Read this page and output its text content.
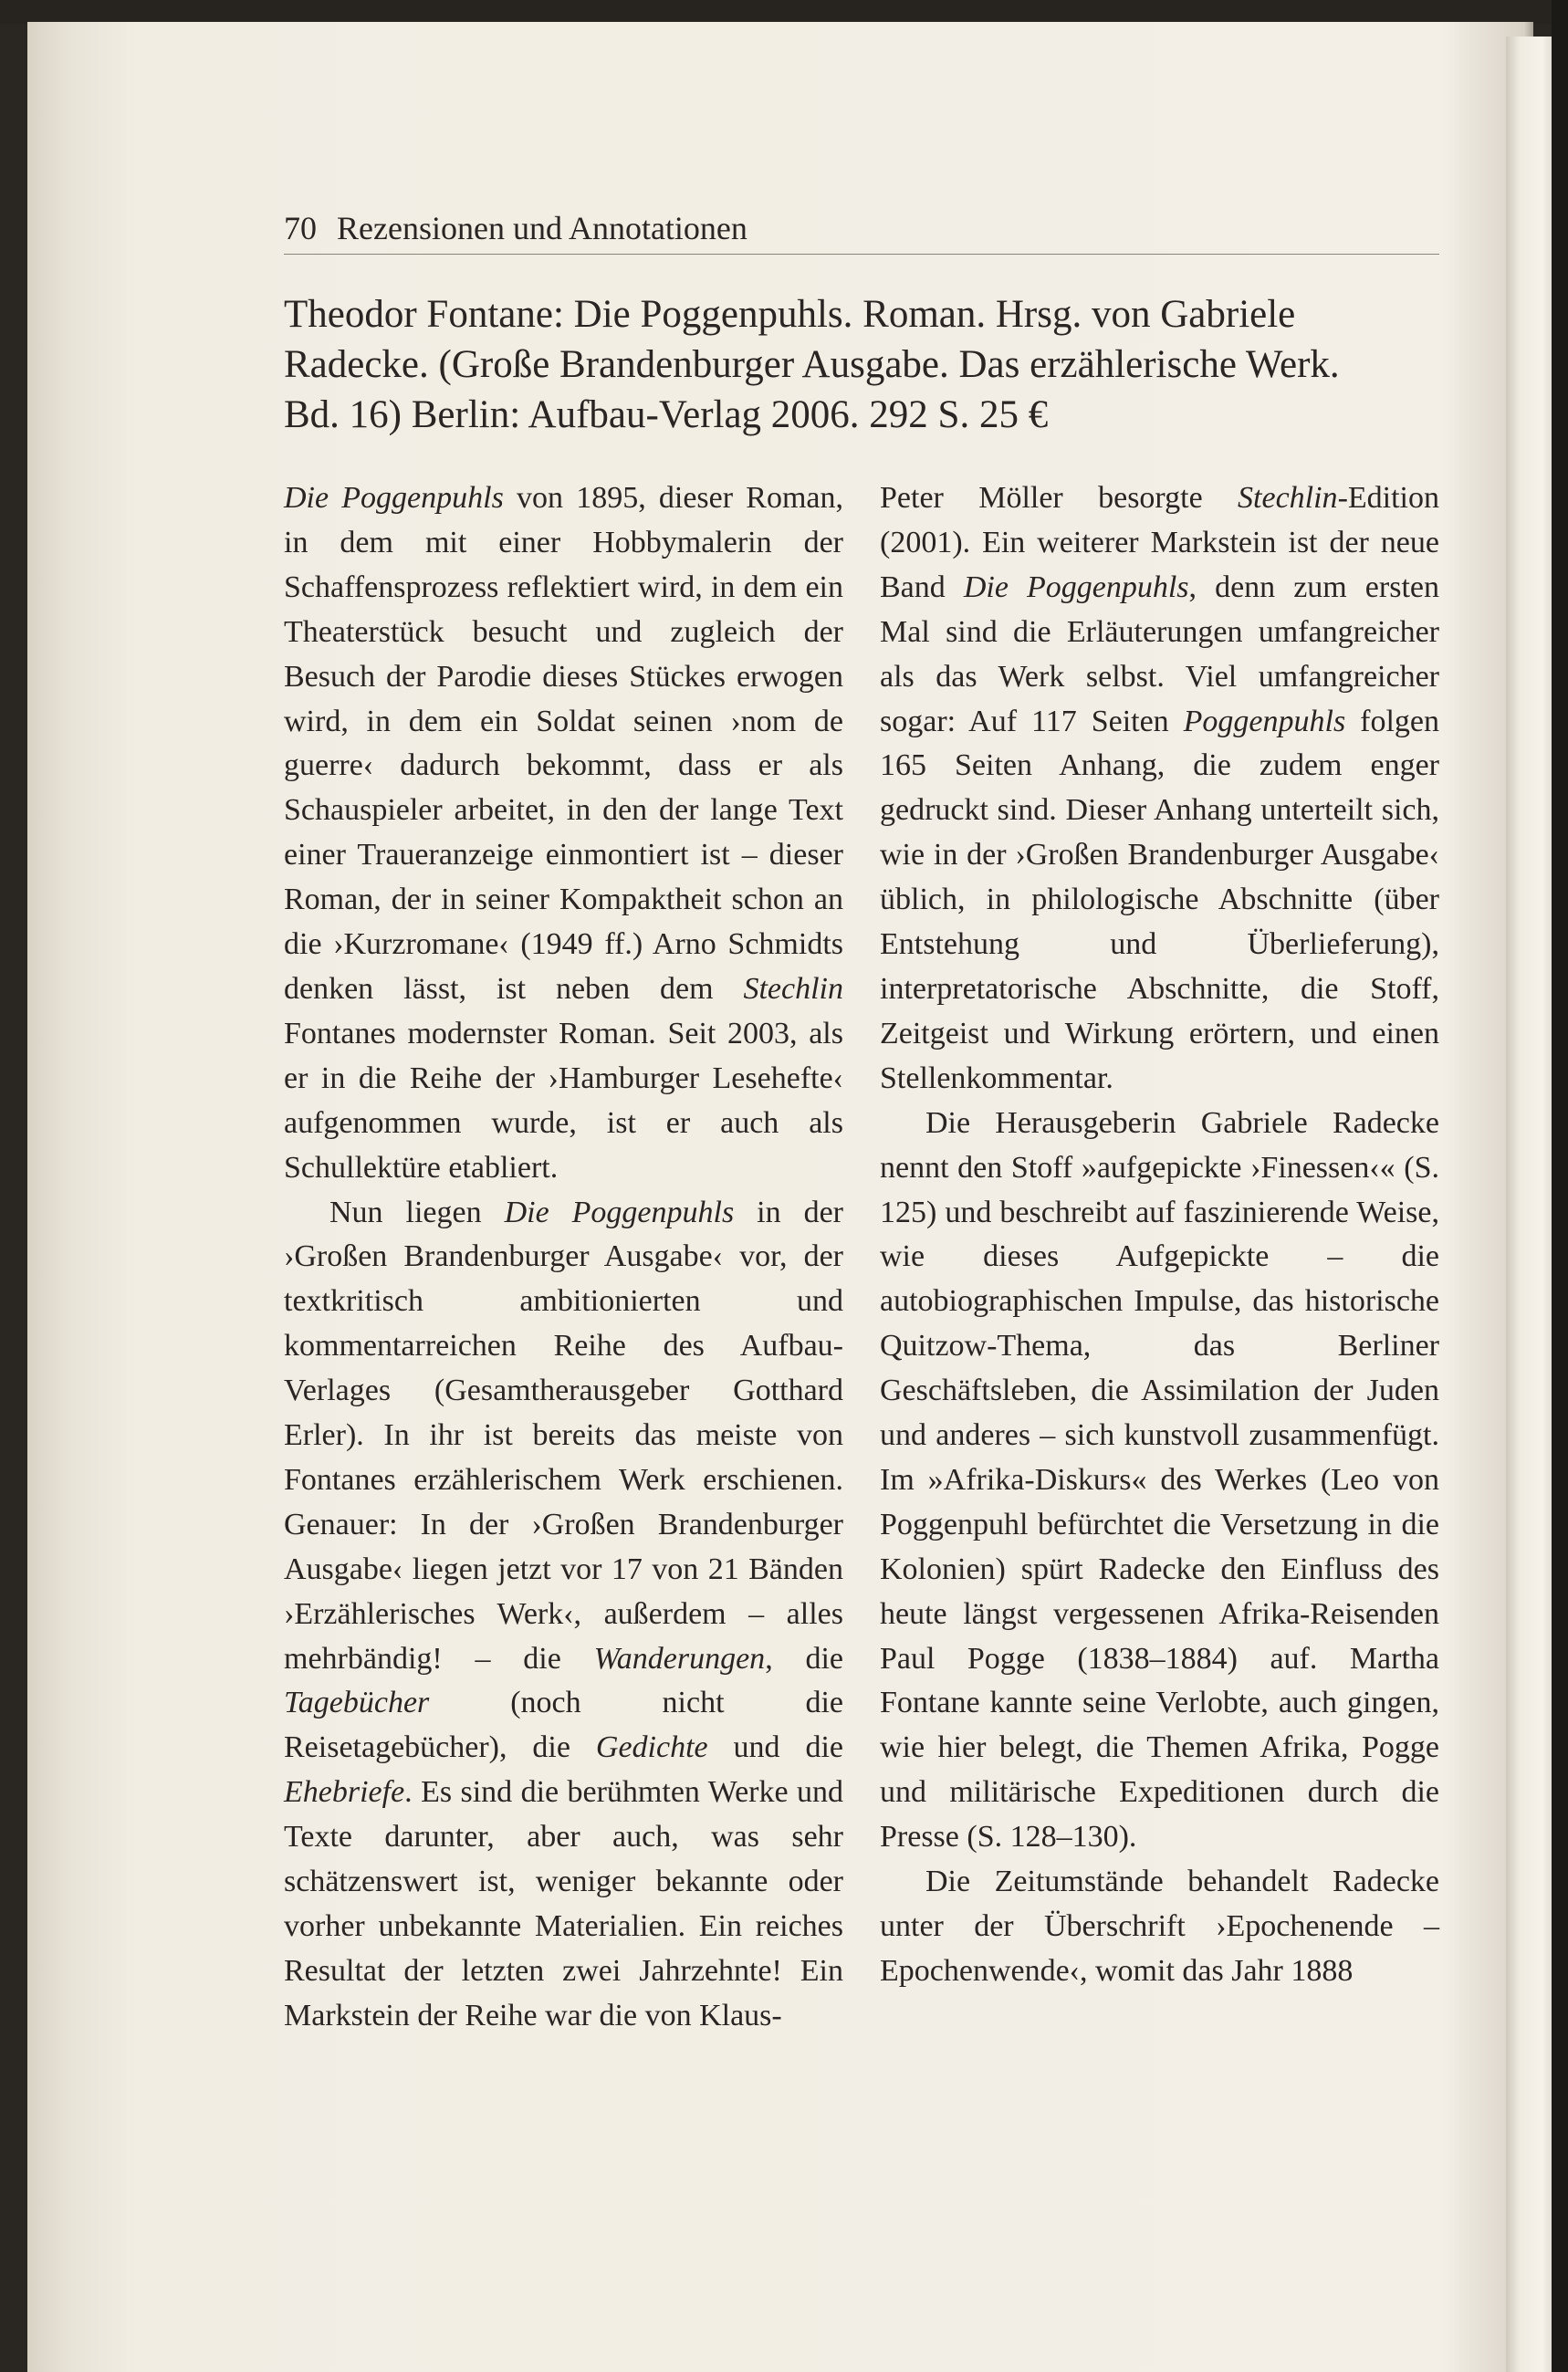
70 Rezensionen und Annotationen
Theodor Fontane: Die Poggenpuhls. Roman. Hrsg. von Gabriele Radecke. (Große Brandenburger Ausgabe. Das erzählerische Werk. Bd. 16) Berlin: Aufbau-Verlag 2006. 292 S. 25 €

Die Poggenpuhls von 1895, dieser Roman, in dem mit einer Hobbymalerin der Schaffensprozess reflektiert wird, in dem ein Theaterstück besucht und zugleich der Besuch der Parodie dieses Stückes erwogen wird, in dem ein Soldat seinen ›nom de guerre‹ dadurch bekommt, dass er als Schauspieler arbeitet, in den der lange Text einer Traueranzeige einmontiert ist – dieser Roman, der in seiner Kompaktheit schon an die ›Kurzromane‹ (1949 ff.) Arno Schmidts denken lässt, ist neben dem Stechlin Fontanes modernster Roman. Seit 2003, als er in die Reihe der ›Hamburger Lesehefte‹ aufgenommen wurde, ist er auch als Schullektüre etabliert.

Nun liegen Die Poggenpuhls in der ›Großen Brandenburger Ausgabe‹ vor, der textkritisch ambitionierten und kommentarreichen Reihe des Aufbau-Verlages (Gesamtherausgeber Gotthard Erler). In ihr ist bereits das meiste von Fontanes erzählerischem Werk erschienen. Genauer: In der ›Großen Brandenburger Ausgabe‹ liegen jetzt vor 17 von 21 Bänden ›Erzählerisches Werk‹, außerdem – alles mehrbändig! – die Wanderungen, die Tagebücher (noch nicht die Reisetagebücher), die Gedichte und die Ehebriefe. Es sind die berühmten Werke und Texte darunter, aber auch, was sehr schätzenswert ist, weniger bekannte oder vorher unbekannte Materialien. Ein reiches Resultat der letzten zwei Jahrzehnte! Ein Markstein der Reihe war die von Klaus-

Peter Möller besorgte Stechlin-Edition (2001). Ein weiterer Markstein ist der neue Band Die Poggenpuhls, denn zum ersten Mal sind die Erläuterungen umfangreicher als das Werk selbst. Viel umfangreicher sogar: Auf 117 Seiten Poggenpuhls folgen 165 Seiten Anhang, die zudem enger gedruckt sind. Dieser Anhang unterteilt sich, wie in der ›Großen Brandenburger Ausgabe‹ üblich, in philologische Abschnitte (über Entstehung und Überlieferung), interpretatorische Abschnitte, die Stoff, Zeitgeist und Wirkung erörtern, und einen Stellenkommentar.

Die Herausgeberin Gabriele Radecke nennt den Stoff »aufgepickte ›Finessen‹« (S. 125) und beschreibt auf faszinierende Weise, wie dieses Aufgepickte – die autobiographischen Impulse, das historische Quitzow-Thema, das Berliner Geschäftsleben, die Assimilation der Juden und anderes – sich kunstvoll zusammenfügt. Im »Afrika-Diskurs« des Werkes (Leo von Poggenpuhl befürchtet die Versetzung in die Kolonien) spürt Radecke den Einfluss des heute längst vergessenen Afrika-Reisenden Paul Pogge (1838–1884) auf. Martha Fontane kannte seine Verlobte, auch gingen, wie hier belegt, die Themen Afrika, Pogge und militärische Expeditionen durch die Presse (S. 128–130).

Die Zeitumstände behandelt Radecke unter der Überschrift ›Epochenende – Epochenwende‹, womit das Jahr 1888
